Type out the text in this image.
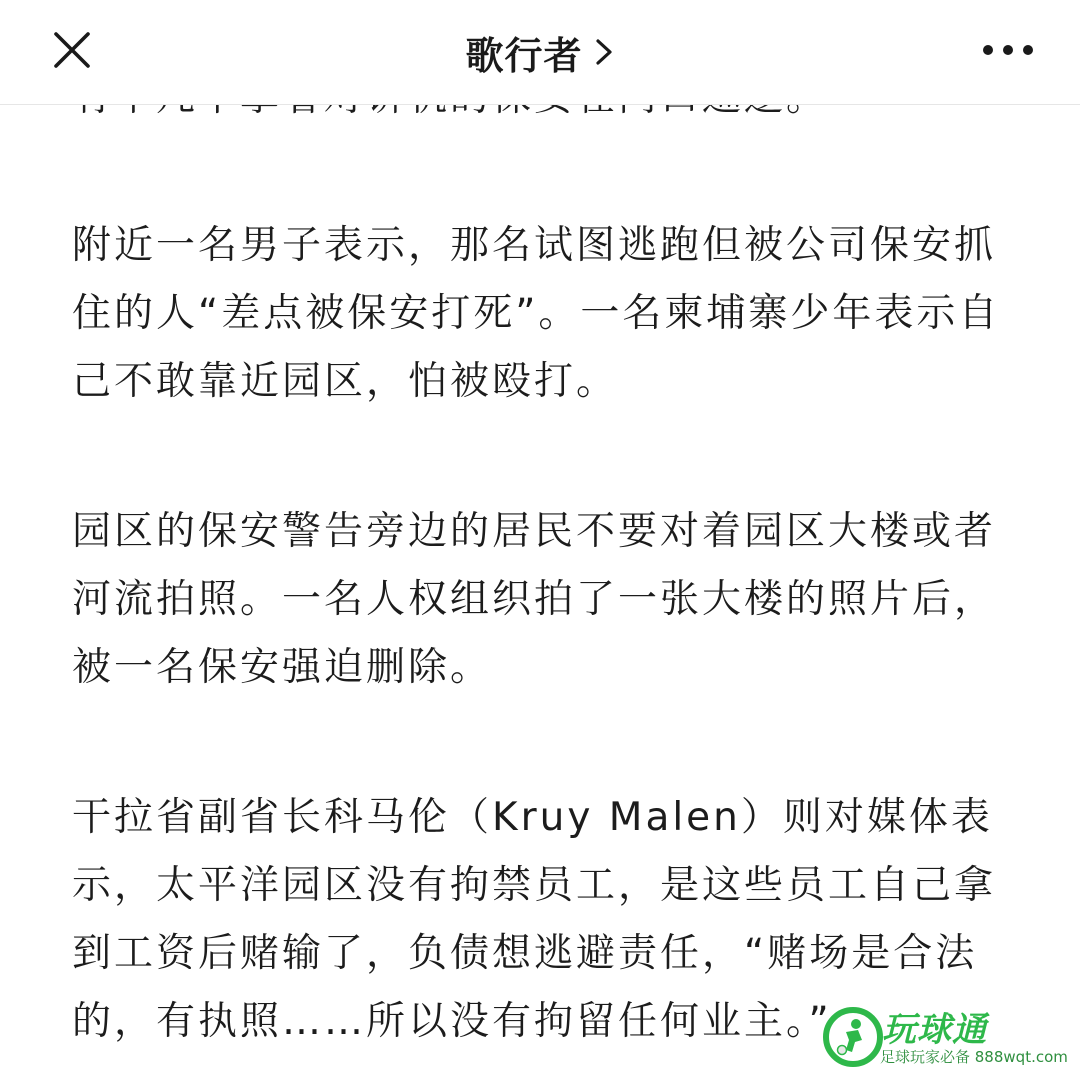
歌行者

附近一名男子表示，那名试图逃跑但被公司保安抓住的人“差点被保安打死”。一名柬埔寨少年表示自己不敢靠近园区，怕被殴打。

园区的保安警告旁边的居民不要对着园区大楼或者河流拍照。一名人权组织拍了一张大楼的照片后，被一名保安强迫删除。

干拉省副省长科马伦（Kruy Malen）则对媒体表示，太平洋园区没有拘禁员工，是这些员工自己拿到工资后赌输了，负债想逃避责任，“赌场是合法的，有执照……所以没有拘留任何业主。”	玩球通
足球玩家必备 888wqt.com
